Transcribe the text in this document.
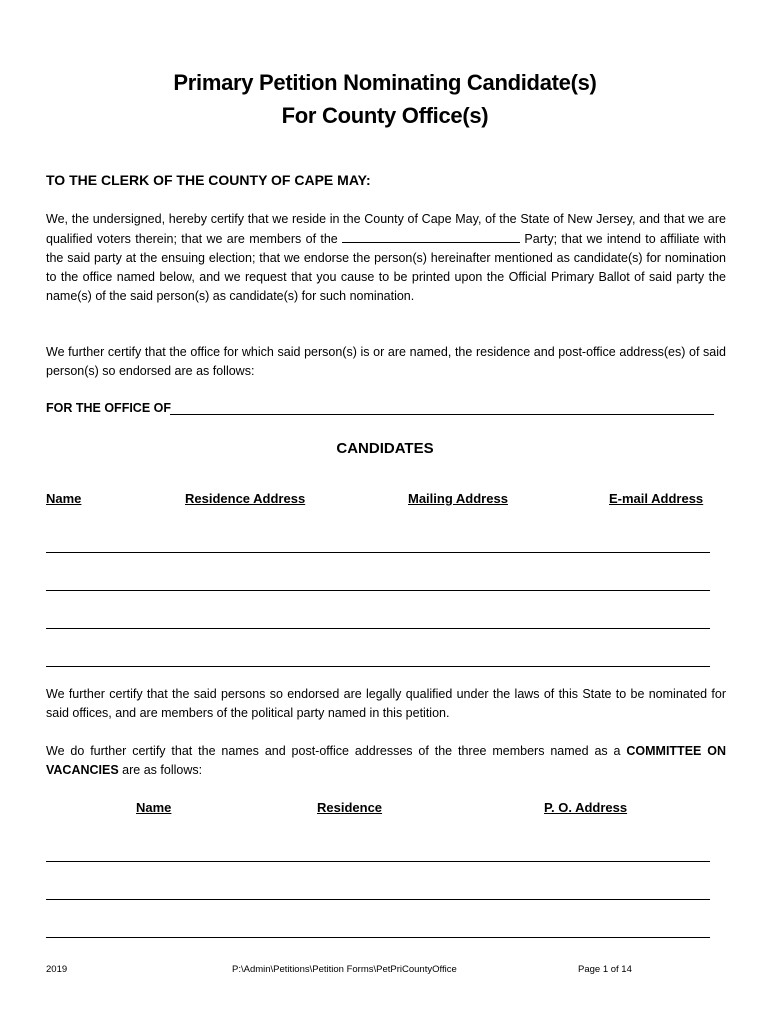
Primary Petition Nominating Candidate(s)
For County Office(s)
TO THE CLERK OF THE COUNTY OF CAPE MAY:
We, the undersigned, hereby certify that we reside in the County of Cape May, of the State of New Jersey, and that we are qualified voters therein; that we are members of the	Party; that we intend to affiliate with the said party at the ensuing election; that we endorse the person(s) hereinafter mentioned as candidate(s) for nomination to the office named below, and we request that you cause to be printed upon the Official Primary Ballot of said party the name(s) of the said person(s) as candidate(s) for such nomination.
We further certify that the office for which said person(s) is or are named, the residence and post-office address(es) of said person(s) so endorsed are as follows:
FOR THE OFFICE OF
CANDIDATES
Name	Residence Address	Mailing Address	E-mail Address
We further certify that the said persons so endorsed are legally qualified under the laws of this State to be nominated for said offices, and are members of the political party named in this petition.
We do further certify that the names and post-office addresses of the three members named as a COMMITTEE ON VACANCIES are as follows:
Name	Residence	P. O. Address
2019	P:\Admin\Petitions\Petition Forms\PetPriCountyOffice	Page 1 of 14
